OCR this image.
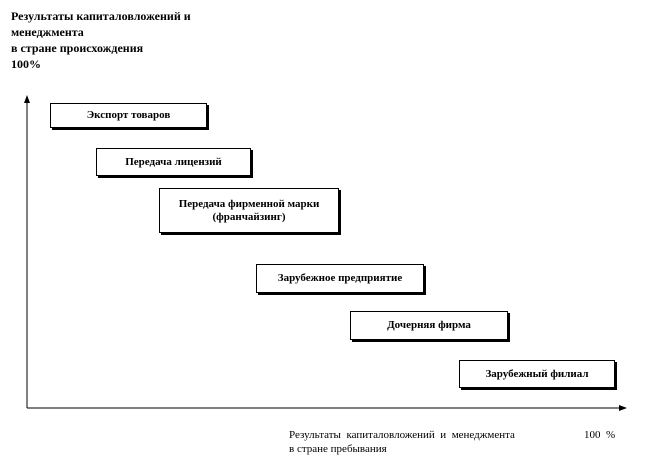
Результаты капиталовложений и
менеджмента
в стране происхождения
100%
Экспорт товаров
Передача лицензий
Передача фирменной марки
(франчайзинг)
Зарубежное предприятие
Дочерняя фирма
Зарубежный филиал
Результаты  капиталовложений  и  менеджмента
в стране пребывания
100  %
